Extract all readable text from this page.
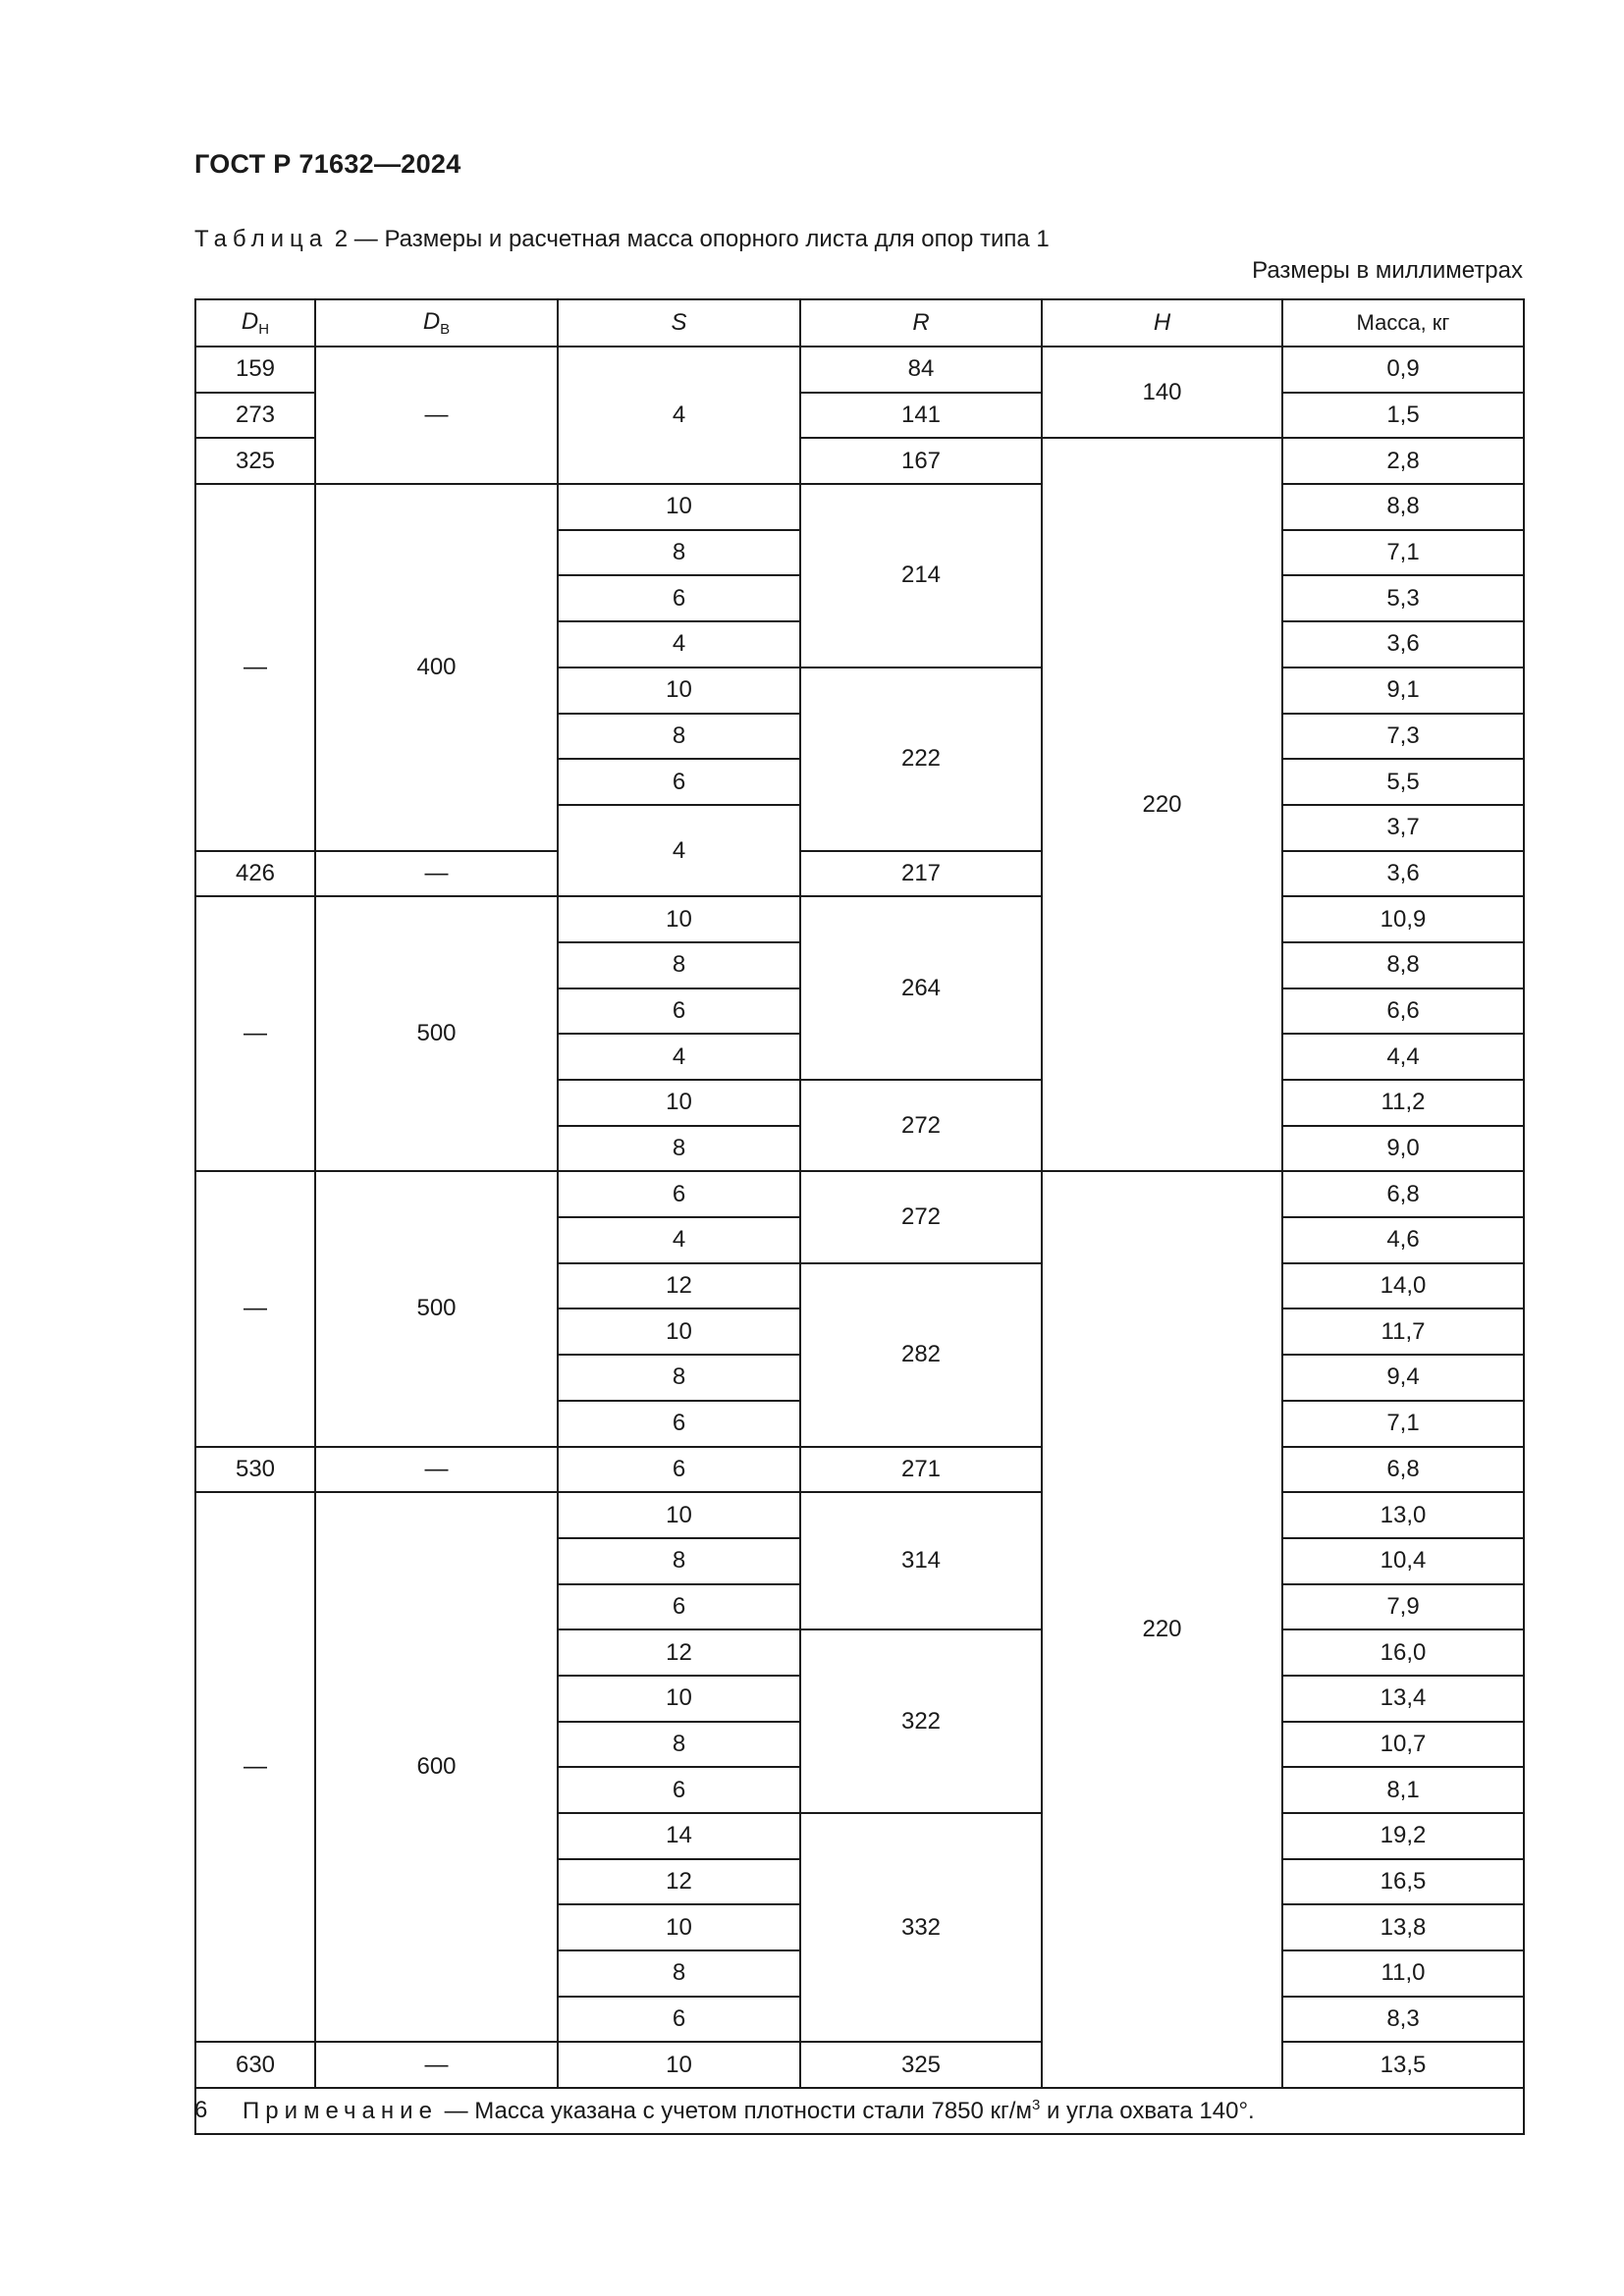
ГОСТ Р 71632—2024
Таблица 2 — Размеры и расчетная масса опорного листа для опор типа 1
Размеры в миллиметрах
$D_Н$	$D_В$	S	R	H	Масса, кг
159	—	4	84	140	0,9
273			141		1,5
325			167	220	2,8
—	400	10	214		8,8
		8			7,1
		6			5,3
		4			3,6
		10	222		9,1
		8			7,3
		6			5,5
		4			3,7
426	—		217		3,6
—	500	10	264		10,9
		8			8,8
		6			6,6
		4			4,4
		10	272		11,2
		8			9,0
—	500	6	272	220	6,8
		4			4,6
		12	282		14,0
		10			11,7
		8			9,4
		6			7,1
530	—	6	271		6,8
—	600	10	314		13,0
		8			10,4
		6			7,9
		12	322		16,0
		10			13,4
		8			10,7
		6			8,1
		14	332		19,2
		12			16,5
		10			13,8
		8			11,0
		6			8,3
630	—	10	325		13,5
Примечание — Масса указана с учетом плотности стали 7850 $кг/м^3$ и угла охвата 140°.					
6
